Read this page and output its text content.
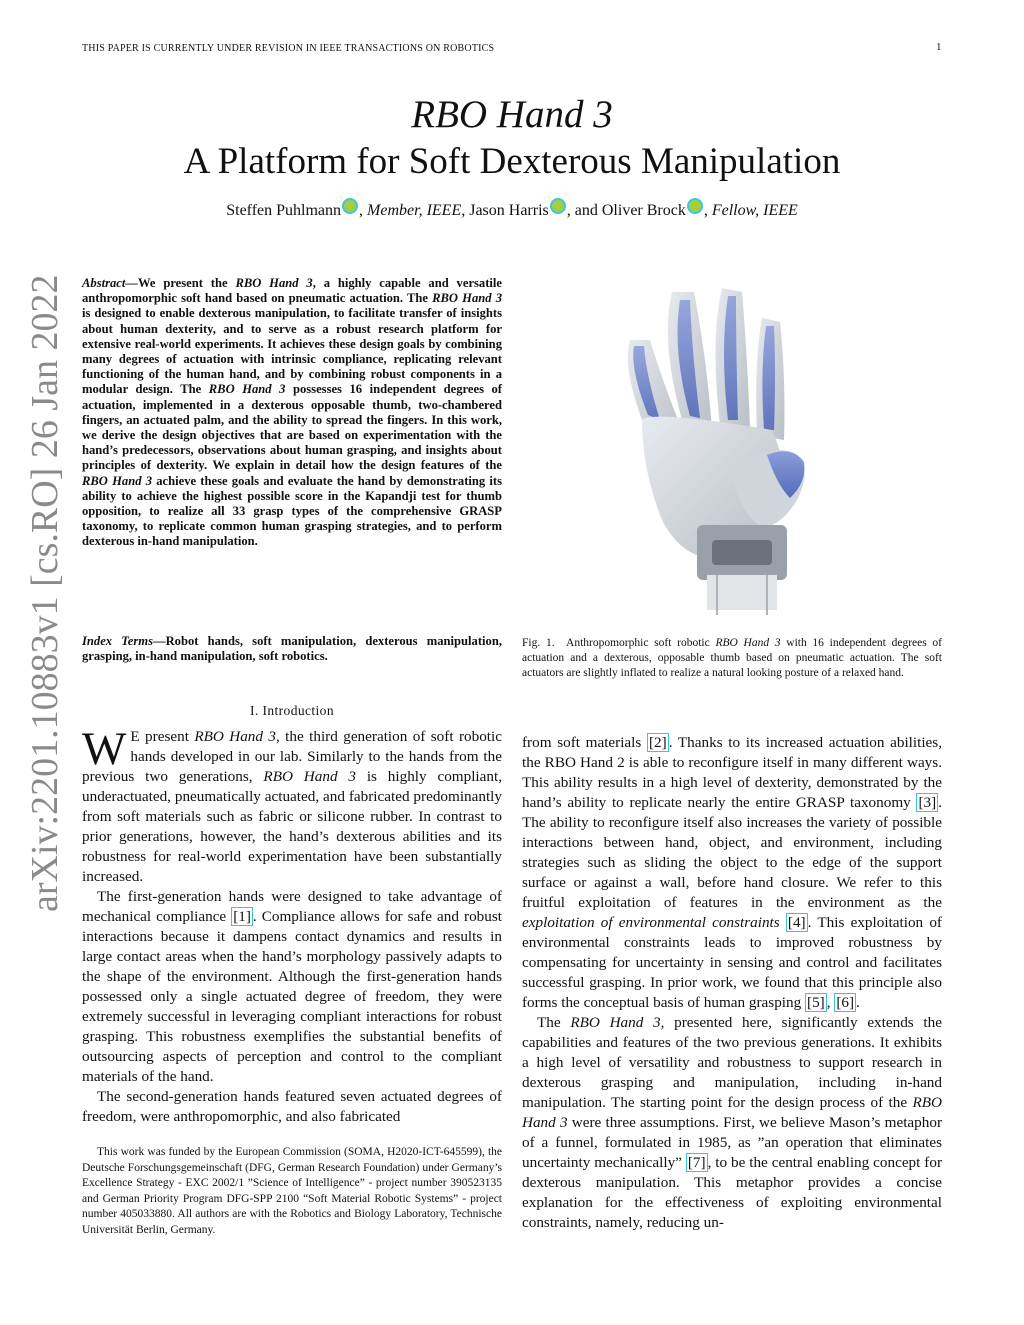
THIS PAPER IS CURRENTLY UNDER REVISION IN IEEE TRANSACTIONS ON ROBOTICS	1
arXiv:2201.10883v1 [cs.RO] 26 Jan 2022
RBO Hand 3
A Platform for Soft Dexterous Manipulation
Steffen Puhlmann , Member, IEEE, Jason Harris , and Oliver Brock , Fellow, IEEE
Abstract—We present the RBO Hand 3, a highly capable and versatile anthropomorphic soft hand based on pneumatic actuation. The RBO Hand 3 is designed to enable dexterous manipulation, to facilitate transfer of insights about human dexterity, and to serve as a robust research platform for extensive real-world experiments. It achieves these design goals by combining many degrees of actuation with intrinsic compliance, replicating relevant functioning of the human hand, and by combining robust components in a modular design. The RBO Hand 3 possesses 16 independent degrees of actuation, implemented in a dexterous opposable thumb, two-chambered fingers, an actuated palm, and the ability to spread the fingers. In this work, we derive the design objectives that are based on experimentation with the hand’s predecessors, observations about human grasping, and insights about principles of dexterity. We explain in detail how the design features of the RBO Hand 3 achieve these goals and evaluate the hand by demonstrating its ability to achieve the highest possible score in the Kapandji test for thumb opposition, to realize all 33 grasp types of the comprehensive GRASP taxonomy, to replicate common human grasping strategies, and to perform dexterous in-hand manipulation.
Index Terms—Robot hands, soft manipulation, dexterous manipulation, grasping, in-hand manipulation, soft robotics.
I. Introduction

W E present RBO Hand 3, the third generation of soft robotic hands developed in our lab. Similarly to the hands from the previous two generations, RBO Hand 3 is highly compliant, underactuated, pneumatically actuated, and fabricated predominantly from soft materials such as fabric or silicone rubber. In contrast to prior generations, however, the hand’s dexterous abilities and its robustness for real-world experimentation have been substantially increased.

The first-generation hands were designed to take advantage of mechanical compliance [1] . Compliance allows for safe and robust interactions because it dampens contact dynamics and results in large contact areas when the hand’s morphology passively adapts to the shape of the environment. Although the first-generation hands possessed only a single actuated degree of freedom, they were extremely successful in leveraging compliant interactions for robust grasping. This robustness exemplifies the substantial benefits of outsourcing aspects of perception and control to the compliant materials of the hand.

The second-generation hands featured seven actuated degrees of freedom, were anthropomorphic, and also fabricated

This work was funded by the European Commission (SOMA, H2020-ICT-645599), the Deutsche Forschungsgemeinschaft (DFG, German Research Foundation) under Germany’s Excellence Strategy - EXC 2002/1 ”Science of Intelligence” - project number 390523135 and German Priority Program DFG-SPP 2100 “Soft Material Robotic Systems” - project number 405033880. All authors are with the Robotics and Biology Laboratory, Technische Universität Berlin, Germany.

Fig. 1. Anthropomorphic soft robotic RBO Hand 3 with 16 independent degrees of actuation and a dexterous, opposable thumb based on pneumatic actuation. The soft actuators are slightly inflated to realize a natural looking posture of a relaxed hand.

from soft materials [2] . Thanks to its increased actuation abilities, the RBO Hand 2 is able to reconfigure itself in many different ways. This ability results in a high level of dexterity, demonstrated by the hand’s ability to replicate nearly the entire GRASP taxonomy [3] . The ability to reconfigure itself also increases the variety of possible interactions between hand, object, and environment, including strategies such as sliding the object to the edge of the support surface or against a wall, before hand closure. We refer to this fruitful exploitation of features in the environment as the exploitation of environmental constraints [4] . This exploitation of environmental constraints leads to improved robustness by compensating for uncertainty in sensing and control and facilitates successful grasping. In prior work, we found that this principle also forms the conceptual basis of human grasping [5] , [6] .

The RBO Hand 3, presented here, significantly extends the capabilities and features of the two previous generations. It exhibits a high level of versatility and robustness to support research in dexterous grasping and manipulation, including in-hand manipulation. The starting point for the design process of the RBO Hand 3 were three assumptions. First, we believe Mason’s metaphor of a funnel, formulated in 1985, as ”an operation that eliminates uncertainty mechanically” [7] , to be the central enabling concept for dexterous manipulation. This metaphor provides a concise explanation for the effectiveness of exploiting environmental constraints, namely, reducing un-
